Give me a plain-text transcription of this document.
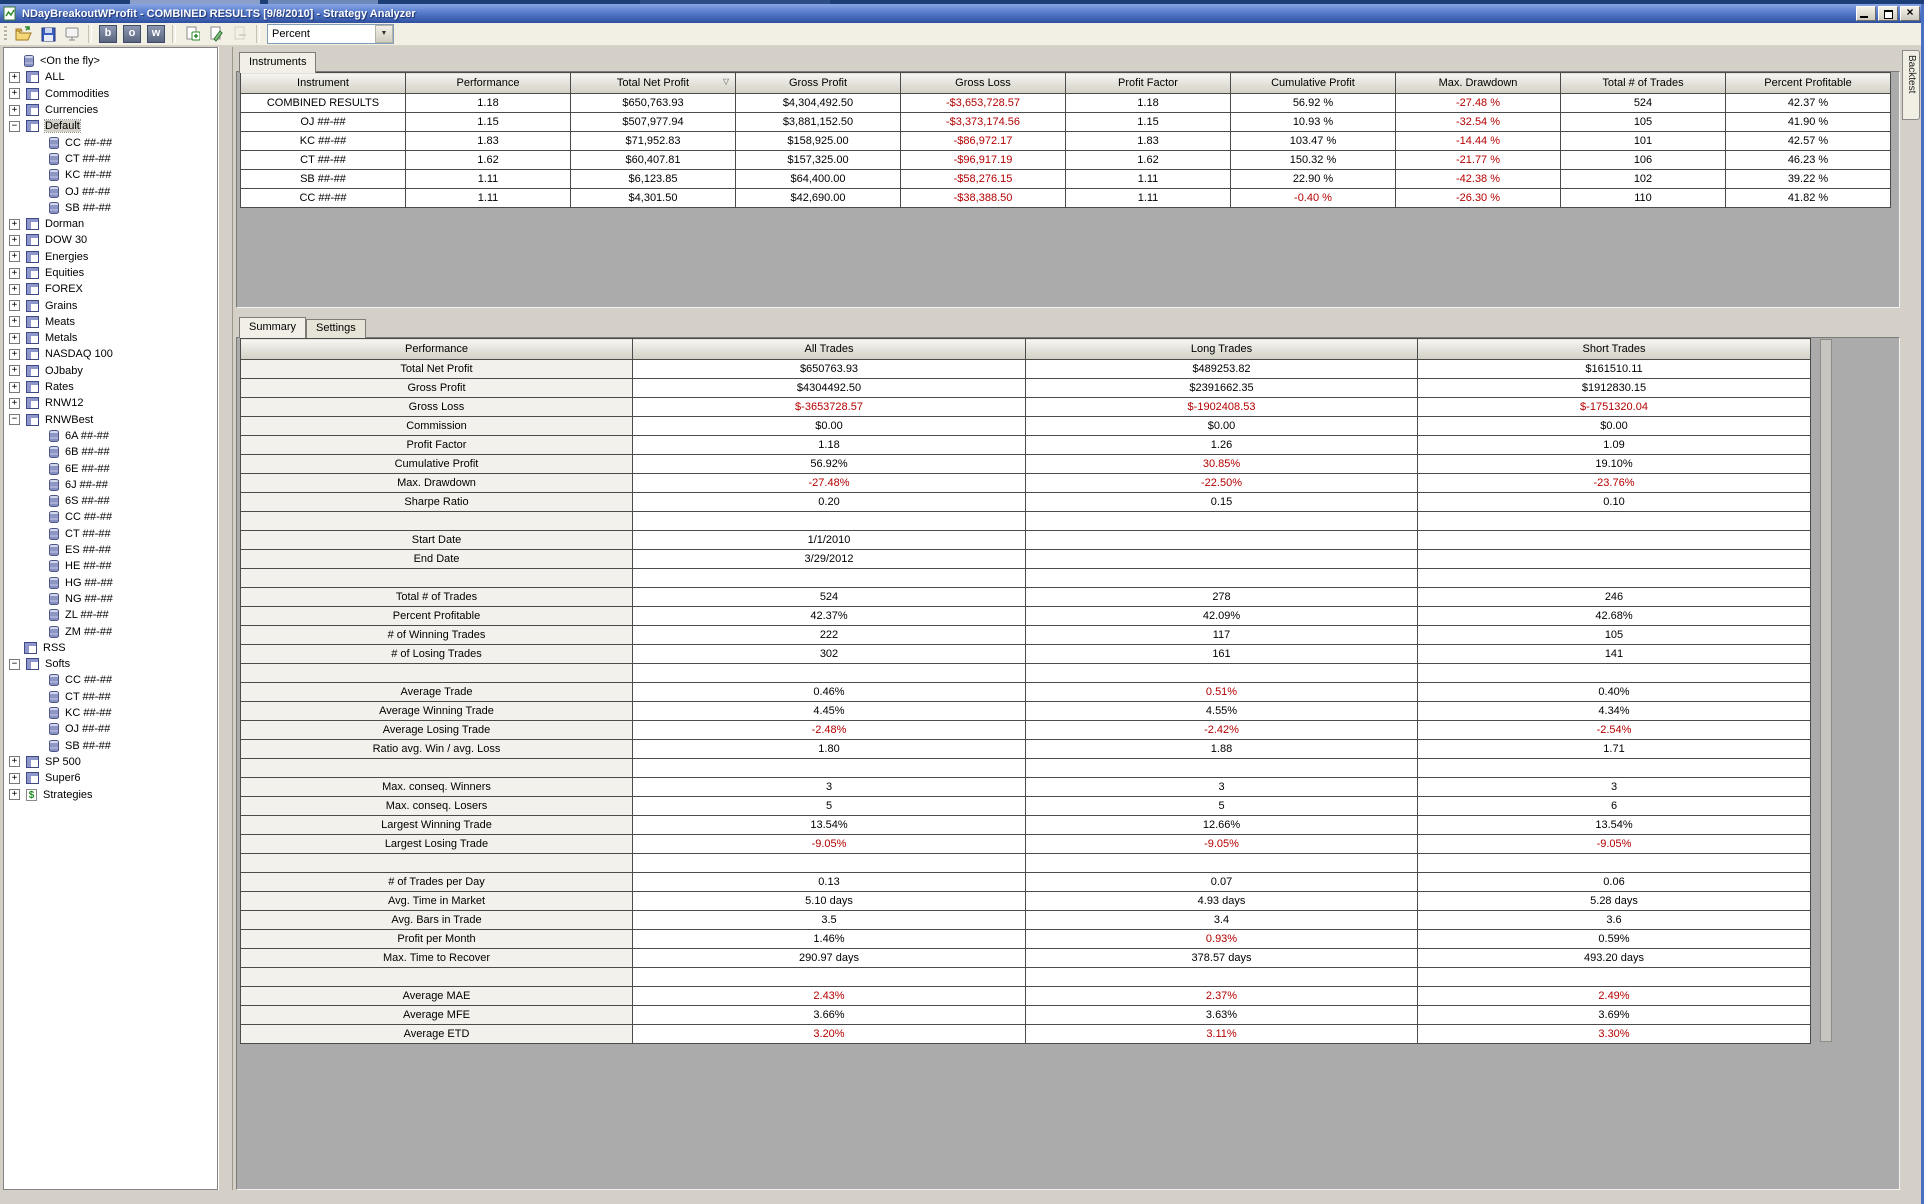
NDayBreakoutWProfit - COMBINED RESULTS [9/8/2010] - Strategy Analyzer	×
b	o	w	Percent	▼
<On the fly>
+	ALL
+	Commodities
+	Currencies
−	Default
CC ##-##
CT ##-##
KC ##-##
OJ ##-##
SB ##-##
+	Dorman
+	DOW 30
+	Energies
+	Equities
+	FOREX
+	Grains
+	Meats
+	Metals
+	NASDAQ 100
+	OJbaby
+	Rates
+	RNW12
−	RNWBest
6A ##-##
6B ##-##
6E ##-##
6J ##-##
6S ##-##
CC ##-##
CT ##-##
ES ##-##
HE ##-##
HG ##-##
NG ##-##
ZL ##-##
ZM ##-##
RSS
−	Softs
CC ##-##
CT ##-##
KC ##-##
OJ ##-##
SB ##-##
+	SP 500
+	Super6
+ $ Strategies
Instruments
Instrument	Performance	Total Net Profit ▽	Gross Profit	Gross Loss	Profit Factor	Cumulative Profit	Max. Drawdown	Total # of Trades	Percent Profitable
COMBINED RESULTS	1.18	$650,763.93	$4,304,492.50	-$3,653,728.57	1.18	56.92 %	-27.48 %	524	42.37 %
OJ ##-##	1.15	$507,977.94	$3,881,152.50	-$3,373,174.56	1.15	10.93 %	-32.54 %	105	41.90 %
KC ##-##	1.83	$71,952.83	$158,925.00	-$86,972.17	1.83	103.47 %	-14.44 %	101	42.57 %
CT ##-##	1.62	$60,407.81	$157,325.00	-$96,917.19	1.62	150.32 %	-21.77 %	106	46.23 %
SB ##-##	1.11	$6,123.85	$64,400.00	-$58,276.15	1.11	22.90 %	-42.38 %	102	39.22 %
CC ##-##	1.11	$4,301.50	$42,690.00	-$38,388.50	1.11	-0.40 %	-26.30 %	110	41.82 %
Summary	Settings
Performance	All Trades	Long Trades	Short Trades
Total Net Profit	$650763.93	$489253.82	$161510.11
Gross Profit	$4304492.50	$2391662.35	$1912830.15
Gross Loss	$-3653728.57	$-1902408.53	$-1751320.04
Commission	$0.00	$0.00	$0.00
Profit Factor	1.18	1.26	1.09
Cumulative Profit	56.92%	30.85%	19.10%
Max. Drawdown	-27.48%	-22.50%	-23.76%
Sharpe Ratio	0.20	0.15	0.10

Start Date	1/1/2010		
End Date	3/29/2012		

Total # of Trades	524	278	246
Percent Profitable	42.37%	42.09%	42.68%
# of Winning Trades	222	117	105
# of Losing Trades	302	161	141

Average Trade	0.46%	0.51%	0.40%
Average Winning Trade	4.45%	4.55%	4.34%
Average Losing Trade	-2.48%	-2.42%	-2.54%
Ratio avg. Win / avg. Loss	1.80	1.88	1.71

Max. conseq. Winners	3	3	3
Max. conseq. Losers	5	5	6
Largest Winning Trade	13.54%	12.66%	13.54%
Largest Losing Trade	-9.05%	-9.05%	-9.05%

# of Trades per Day	0.13	0.07	0.06
Avg. Time in Market	5.10 days	4.93 days	5.28 days
Avg. Bars in Trade	3.5	3.4	3.6
Profit per Month	1.46%	0.93%	0.59%
Max. Time to Recover	290.97 days	378.57 days	493.20 days

Average MAE	2.43%	2.37%	2.49%
Average MFE	3.66%	3.63%	3.69%
Average ETD	3.20%	3.11%	3.30%
Backtest
